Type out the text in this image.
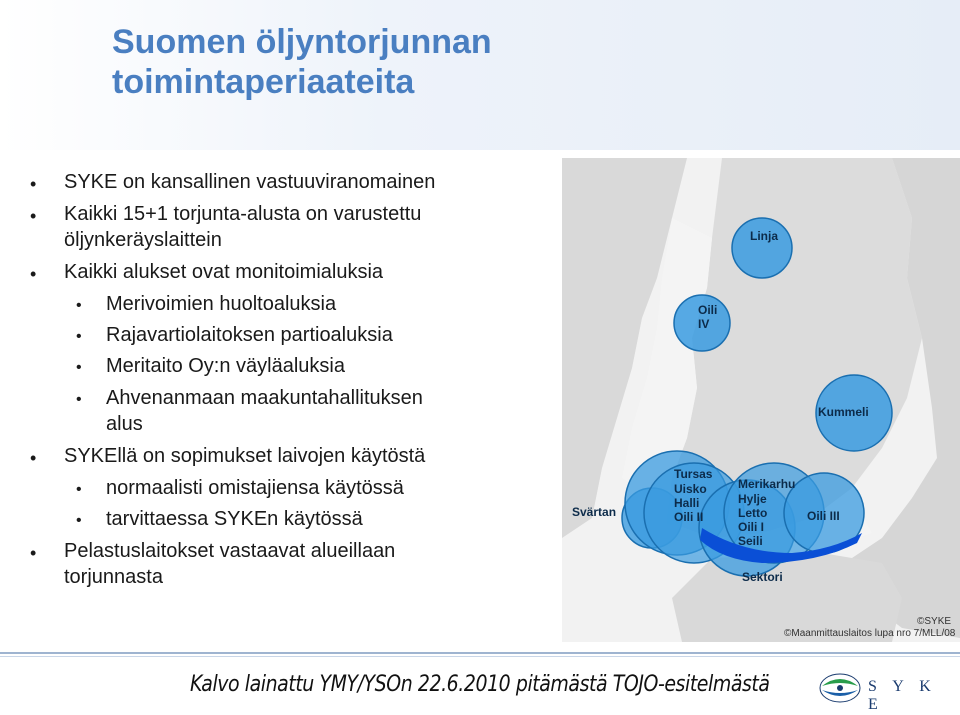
Suomen öljyntorjunnan
toimintaperiaateita
• SYKE on kansallinen vastuuviranomainen
• Kaikki 15+1 torjunta-alusta on varustettu
öljynkeräyslaittein
• Kaikki alukset ovat monitoimialuksia
• Merivoimien huoltoaluksia
• Rajavartiolaitoksen partioaluksia
• Meritaito Oy:n väyläaluksia
• Ahvenanmaan maakuntahallituksen
alus
• SYKEllä on sopimukset laivojen käytöstä
• normaalisti omistajiensa käytössä
• tarvittaessa SYKEn käytössä
• Pelastuslaitokset vastaavat alueillaan
torjunnasta
Linja
Oili
IV
Kummeli
Tursas
Uisko
Halli
Oili II
Merikarhu
Hylje
Letto
Oili I
Seili
Oili III
Svärtan
Sektori
©SYKE
©Maanmittauslaitos lupa nro 7/MLL/08
Kalvo lainattu YMY/YSOn 22.6.2010 pitämästä TOJO-esitelmästä	S Y K E
